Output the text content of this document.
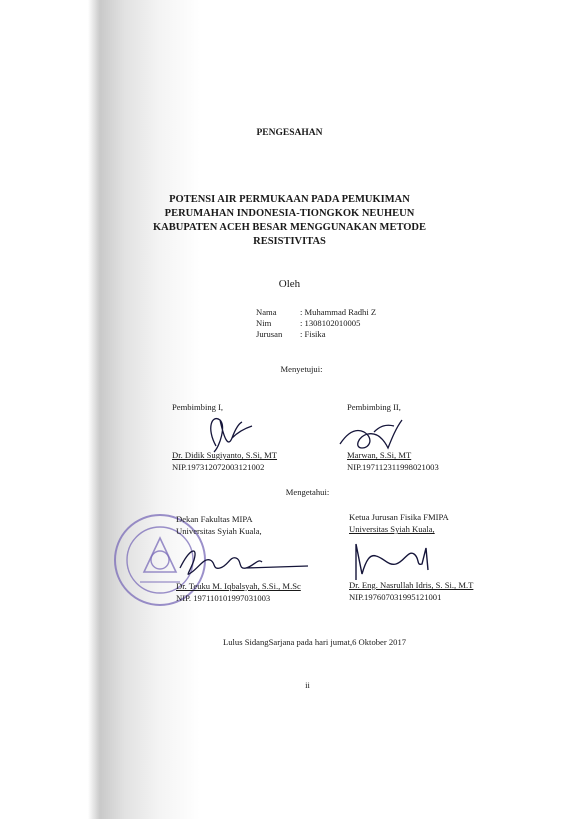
PENGESAHAN
POTENSI AIR PERMUKAAN PADA PEMUKIMAN
PERUMAHAN INDONESIA-TIONGKOK NEUHEUN
KABUPATEN ACEH BESAR MENGGUNAKAN METODE
RESISTIVITAS
Oleh
Nama
Nim
Jurusan
: Muhammad Radhi Z
: 1308102010005
: Fisika
Menyetujui:
Pembimbing I,
Dr. Didik Sugiyanto, S.Si, MT
NIP.197312072003121002
Pembimbing II,
Marwan, S.Si, MT
NIP.197112311998021003
Mengetahui:
Dekan Fakultas MIPA
Universitas Syiah Kuala,
Dr. Teuku M. Iqbalsyah, S.Si., M.Sc
NIP. 197110101997031003
Ketua Jurusan Fisika FMIPA
Universitas Syiah Kuala,
Dr. Eng. Nasrullah Idris, S. Si., M.T
NIP.197607031995121001
Lulus SidangSarjana pada hari jumat,6 Oktober 2017
ii
